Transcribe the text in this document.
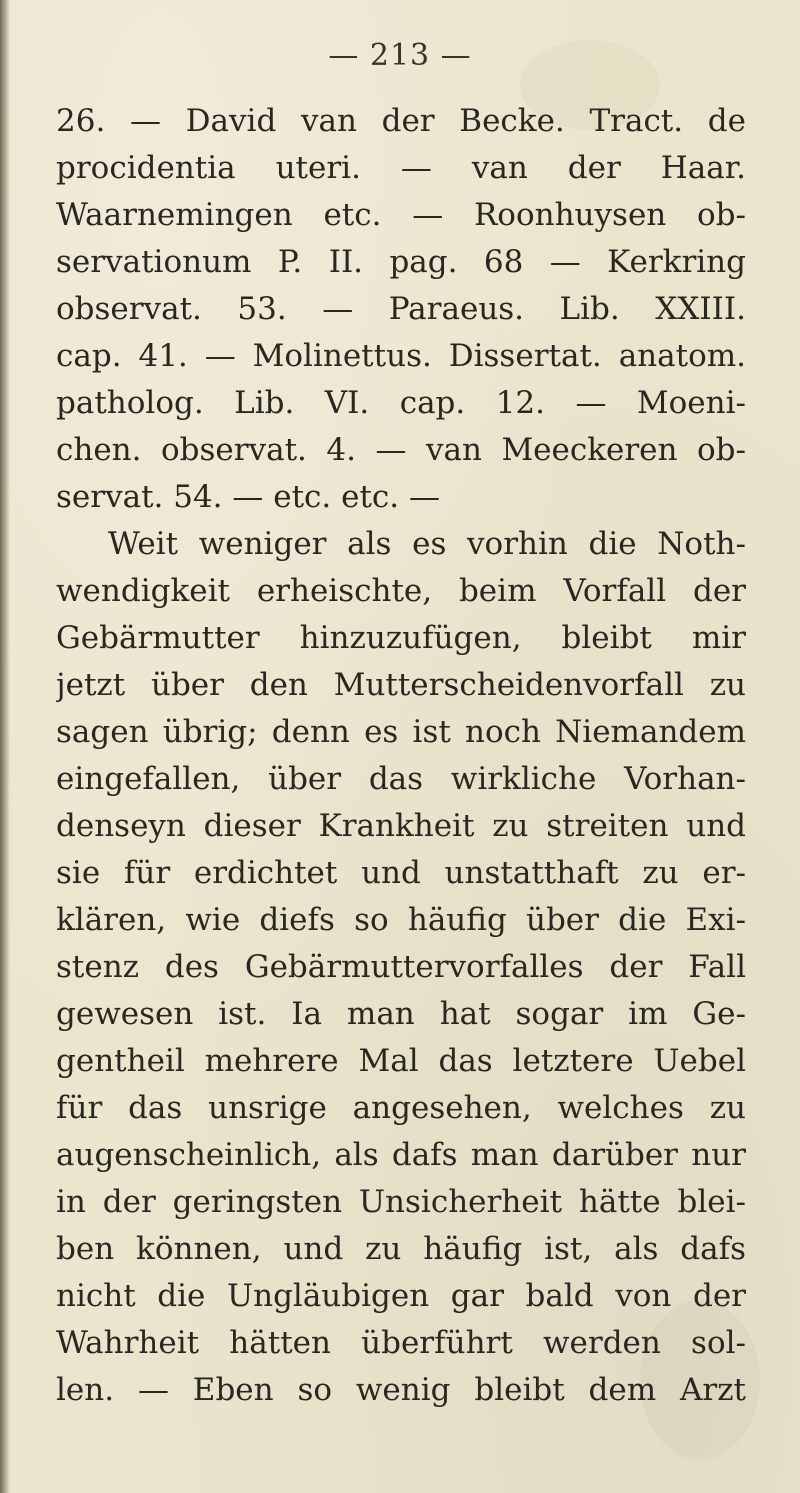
— 213 —
26. — David van der Becke. Tract. de
procidentia uteri. — van der Haar.
Waarnemingen etc. — Roonhuysen ob-
servationum P. II. pag. 68 — Kerkring
observat. 53. — Paraeus. Lib. XXIII.
cap. 41. — Molinettus. Dissertat. anatom.
patholog. Lib. VI. cap. 12. — Moeni-
chen. observat. 4. — van Meeckeren ob-
servat. 54. — etc. etc. —
Weit weniger als es vorhin die Noth-
wendigkeit erheischte, beim Vorfall der
Gebärmutter hinzuzufügen, bleibt mir
jetzt über den Mutterscheidenvorfall zu
sagen übrig; denn es ist noch Niemandem
eingefallen, über das wirkliche Vorhan-
denseyn dieser Krankheit zu streiten und
sie für erdichtet und unstatthaft zu er-
klären, wie diefs so häufig über die Exi-
stenz des Gebärmuttervorfalles der Fall
gewesen ist. Ia man hat sogar im Ge-
gentheil mehrere Mal das letztere Uebel
für das unsrige angesehen, welches zu
augenscheinlich, als dafs man darüber nur
in der geringsten Unsicherheit hätte blei-
ben können, und zu häufig ist, als dafs
nicht die Ungläubigen gar bald von der
Wahrheit hätten überführt werden sol-
len. — Eben so wenig bleibt dem Arzt
